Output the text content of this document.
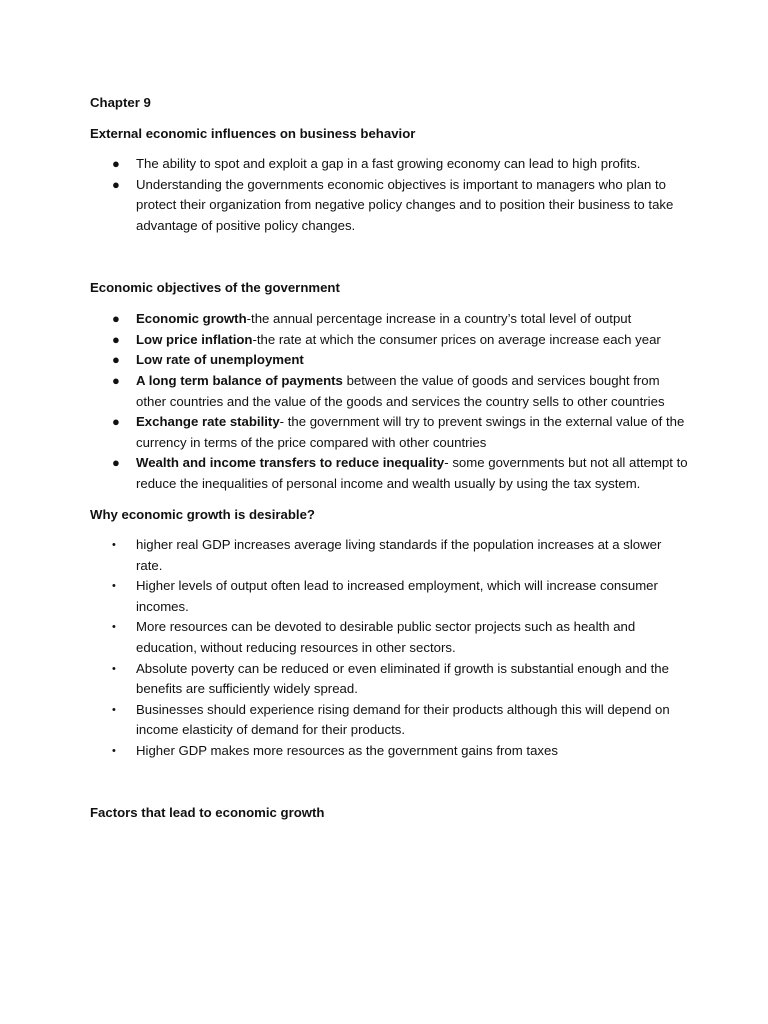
Chapter 9

External economic influences on business behavior

●	The ability to spot and exploit a gap in a fast growing economy can lead to high profits.
●	Understanding the governments economic objectives is important to managers who plan to protect their organization from negative policy changes and to position their business to take advantage of positive policy changes.

Economic objectives of the government

●	Economic growth-the annual percentage increase in a country’s total level of output
●	Low price inflation-the rate at which the consumer prices on average increase each year
●	Low rate of unemployment
●	A long term balance of payments between the value of goods and services bought from other countries and the value of the goods and services the country sells to other countries
●	Exchange rate stability- the government will try to prevent swings in the external value of the currency in terms of the price compared with other countries
●	Wealth and income transfers to reduce inequality- some governments but not all attempt to reduce the inequalities of personal income and wealth usually by using the tax system.

Why economic growth is desirable?

•	higher real GDP increases average living standards if the population increases at a slower rate.
•	Higher levels of output often lead to increased employment, which will increase consumer incomes.
•	More resources can be devoted to desirable public sector projects such as health and education, without reducing resources in other sectors.
•	Absolute poverty can be reduced or even eliminated if growth is substantial enough and the benefits are sufficiently widely spread.
•	Businesses should experience rising demand for their products although this will depend on income elasticity of demand for their products.
•	Higher GDP makes more resources as the government gains from taxes

Factors that lead to economic growth
